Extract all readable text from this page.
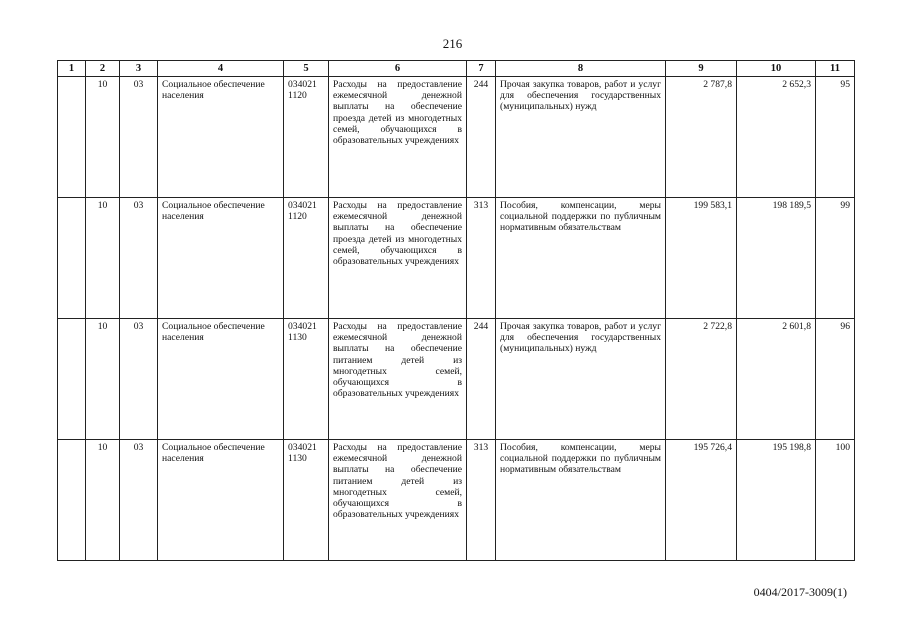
216
1	2	3	4	5	6	7	8	9	10	11
	10	03	Социальное обеспечение населения	034021 1120	Расходы на предоставление ежемесячной денежной выплаты на обеспечение проезда детей из многодетных семей, обучающихся в образовательных учреждениях	244	Прочая закупка товаров, работ и услуг для обеспечения государственных (муниципальных) нужд	2 787,8	2 652,3	95
	10	03	Социальное обеспечение населения	034021 1120	Расходы на предоставление ежемесячной денежной выплаты на обеспечение проезда детей из многодетных семей, обучающихся в образовательных учреждениях	313	Пособия, компенсации, меры социальной поддержки по публичным нормативным обязательствам	199 583,1	198 189,5	99
	10	03	Социальное обеспечение населения	034021 1130	Расходы на предоставление ежемесячной денежной выплаты на обеспечение питанием детей из многодетных семей, обучающихся в образовательных учреждениях	244	Прочая закупка товаров, работ и услуг для обеспечения государственных (муниципальных) нужд	2 722,8	2 601,8	96
	10	03	Социальное обеспечение населения	034021 1130	Расходы на предоставление ежемесячной денежной выплаты на обеспечение питанием детей из многодетных семей, обучающихся в образовательных учреждениях	313	Пособия, компенсации, меры социальной поддержки по публичным нормативным обязательствам	195 726,4	195 198,8	100
0404/2017-3009(1)
